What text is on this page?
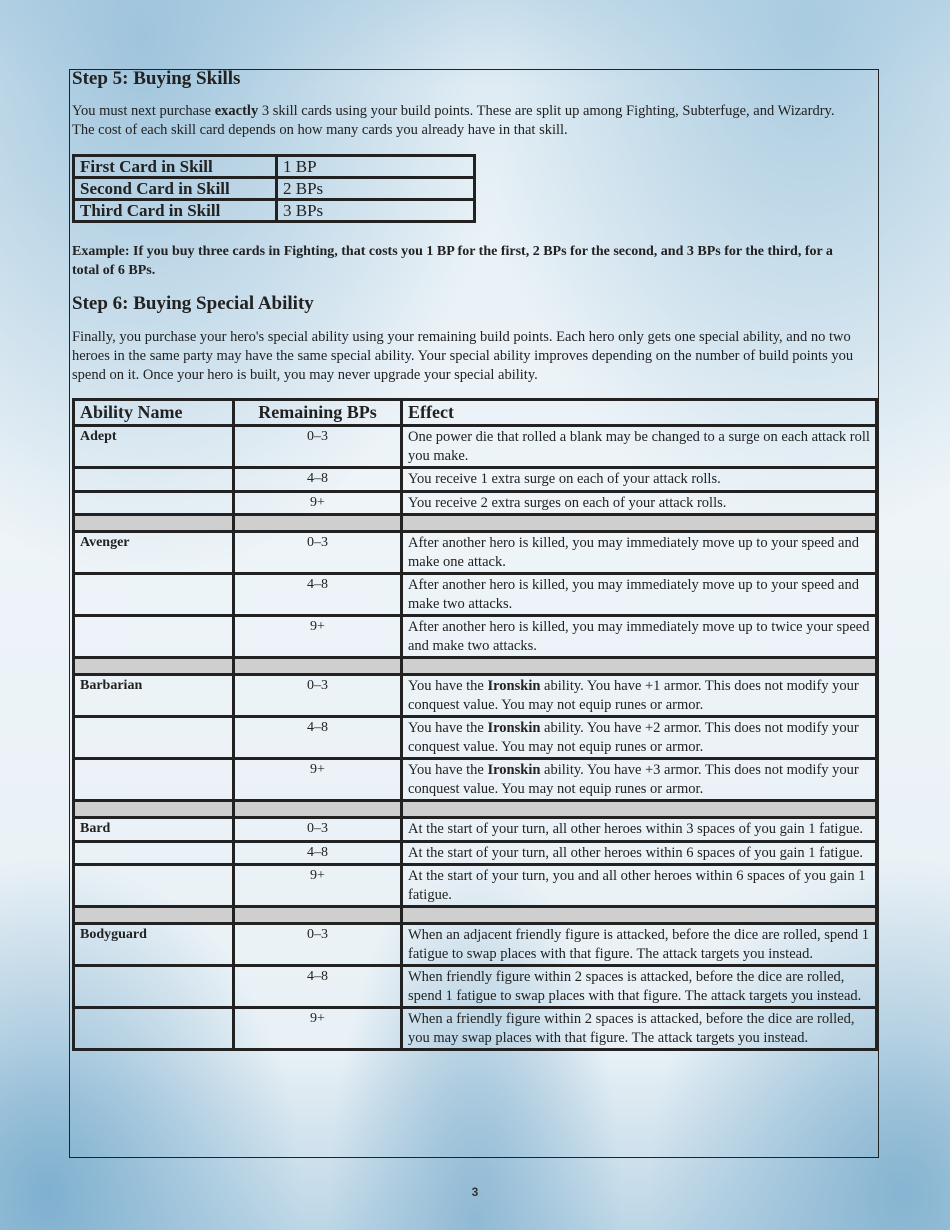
Step 5: Buying Skills

You must next purchase exactly 3 skill cards using your build points. These are split up among Fighting, Subterfuge, and Wizardry. The cost of each skill card depends on how many cards you already have in that skill.

First Card in Skill	1 BP
Second Card in Skill	2 BPs
Third Card in Skill	3 BPs

Example: If you buy three cards in Fighting, that costs you 1 BP for the first, 2 BPs for the second, and 3 BPs for the third, for a total of 6 BPs.

Step 6: Buying Special Ability

Finally, you purchase your hero's special ability using your remaining build points. Each hero only gets one special ability, and no two heroes in the same party may have the same special ability. Your special ability improves depending on the number of build points you spend on it. Once your hero is built, you may never upgrade your special ability.

Ability Name	Remaining BPs	Effect
Adept	0–3	One power die that rolled a blank may be changed to a surge on each attack roll you make.
	4–8	You receive 1 extra surge on each of your attack rolls.
	9+	You receive 2 extra surges on each of your attack rolls.

Avenger	0–3	After another hero is killed, you may immediately move up to your speed and make one attack.
	4–8	After another hero is killed, you may immediately move up to your speed and make two attacks.
	9+	After another hero is killed, you may immediately move up to twice your speed and make two attacks.

Barbarian	0–3	You have the Ironskin ability. You have +1 armor. This does not modify your conquest value. You may not equip runes or armor.
	4–8	You have the Ironskin ability. You have +2 armor. This does not modify your conquest value. You may not equip runes or armor.
	9+	You have the Ironskin ability. You have +3 armor. This does not modify your conquest value. You may not equip runes or armor.

Bard	0–3	At the start of your turn, all other heroes within 3 spaces of you gain 1 fatigue.
	4–8	At the start of your turn, all other heroes within 6 spaces of you gain 1 fatigue.
	9+	At the start of your turn, you and all other heroes within 6 spaces of you gain 1 fatigue.

Bodyguard	0–3	When an adjacent friendly figure is attacked, before the dice are rolled, spend 1 fatigue to swap places with that figure. The attack targets you instead.
	4–8	When friendly figure within 2 spaces is attacked, before the dice are rolled, spend 1 fatigue to swap places with that figure. The attack targets you instead.
	9+	When a friendly figure within 2 spaces is attacked, before the dice are rolled, you may swap places with that figure. The attack targets you instead.
3
